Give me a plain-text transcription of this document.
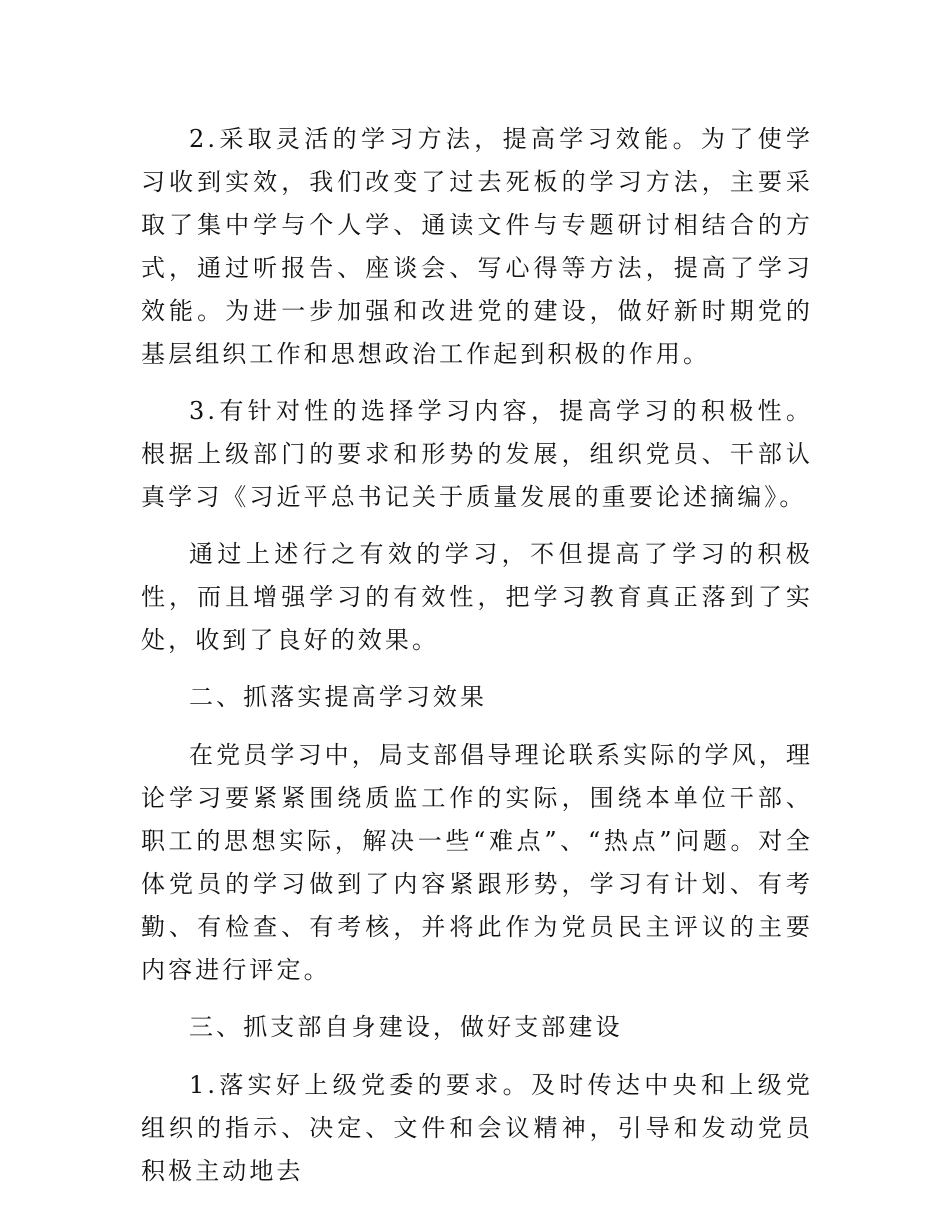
2.采取灵活的学习方法，提高学习效能。为了使学习收到实效，我们改变了过去死板的学习方法，主要采取了集中学与个人学、通读文件与专题研讨相结合的方式，通过听报告、座谈会、写心得等方法，提高了学习效能。为进一步加强和改进党的建设，做好新时期党的基层组织工作和思想政治工作起到积极的作用。

3.有针对性的选择学习内容，提高学习的积极性。根据上级部门的要求和形势的发展，组织党员、干部认真学习《习近平总书记关于质量发展的重要论述摘编》。

通过上述行之有效的学习，不但提高了学习的积极性，而且增强学习的有效性，把学习教育真正落到了实处，收到了良好的效果。

二、抓落实提高学习效果

在党员学习中，局支部倡导理论联系实际的学风，理论学习要紧紧围绕质监工作的实际，围绕本单位干部、职工的思想实际，解决一些“难点”、“热点”问题。对全体党员的学习做到了内容紧跟形势，学习有计划、有考勤、有检查、有考核，并将此作为党员民主评议的主要内容进行评定。

三、抓支部自身建设，做好支部建设

1.落实好上级党委的要求。及时传达中央和上级党组织的指示、决定、文件和会议精神，引导和发动党员积极主动地去
